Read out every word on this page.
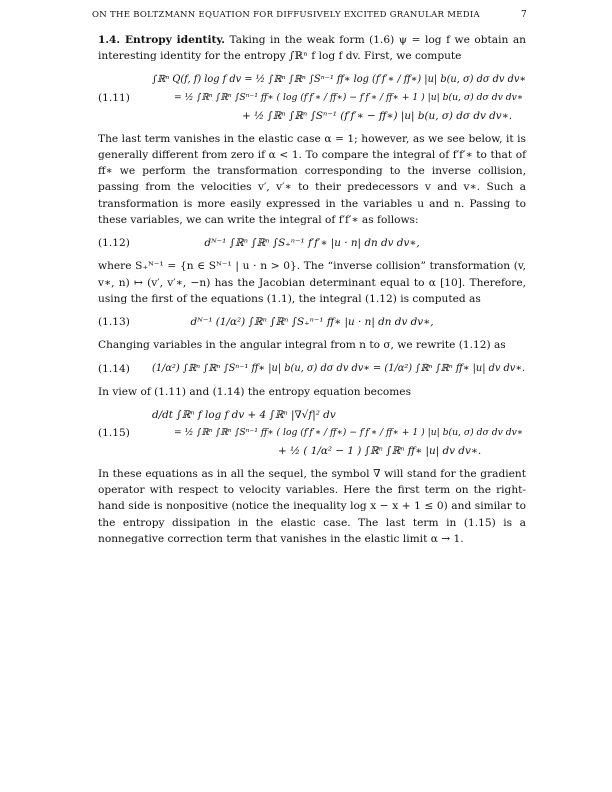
ON THE BOLTZMANN EQUATION FOR DIFFUSIVELY EXCITED GRANULAR MEDIA	7

1.4. Entropy identity. Taking in the weak form (1.6) ψ = log f we obtain an interesting identity for the entropy ∫ℝⁿ f log f dv. First, we compute

(1.11)
∫ℝⁿ Q(f, f) log f dv = ½ ∫ℝⁿ ∫ℝⁿ ∫Sⁿ⁻¹ ff∗ log (f′f′∗ / ff∗) |u| b(u, σ) dσ dv dv∗
= ½ ∫ℝⁿ ∫ℝⁿ ∫Sⁿ⁻¹ ff∗ ( log (f′f′∗ / ff∗) − f′f′∗ / ff∗ + 1 ) |u| b(u, σ) dσ dv dv∗
+ ½ ∫ℝⁿ ∫ℝⁿ ∫Sⁿ⁻¹ (f′f′∗ − ff∗) |u| b(u, σ) dσ dv dv∗.

The last term vanishes in the elastic case α = 1; however, as we see below, it is generally different from zero if α < 1. To compare the integral of f′f′∗ to that of ff∗ we perform the transformation corresponding to the inverse collision, passing from the velocities v′, v′∗ to their predecessors v and v∗. Such a transformation is more easily expressed in the variables u and n. Passing to these variables, we can write the integral of f′f′∗ as follows:

(1.12)	dᴺ⁻¹ ∫ℝⁿ ∫ℝⁿ ∫S₊ⁿ⁻¹ f′f′∗ |u · n| dn dv dv∗,

where S₊ᴺ⁻¹ = {n ∈ Sᴺ⁻¹ | u · n > 0}. The “inverse collision” transformation (v, v∗, n) ↦ (v′, v′∗, −n) has the Jacobian determinant equal to α [10]. Therefore, using the first of the equations (1.1), the integral (1.12) is computed as

(1.13)	dᴺ⁻¹ (1/α²) ∫ℝⁿ ∫ℝⁿ ∫S₊ⁿ⁻¹ ff∗ |u · n| dn dv dv∗,

Changing variables in the angular integral from n to σ, we rewrite (1.12) as

(1.14) (1/α²) ∫ℝⁿ ∫ℝⁿ ∫Sⁿ⁻¹ ff∗ |u| b(u, σ) dσ dv dv∗ = (1/α²) ∫ℝⁿ ∫ℝⁿ ff∗ |u| dv dv∗.

In view of (1.11) and (1.14) the entropy equation becomes

(1.15)
d/dt ∫ℝⁿ f log f dv + 4 ∫ℝⁿ |∇√f|² dv
= ½ ∫ℝⁿ ∫ℝⁿ ∫Sⁿ⁻¹ ff∗ ( log (f′f′∗ / ff∗) − f′f′∗ / ff∗ + 1 ) |u| b(u, σ) dσ dv dv∗
+ ½ ( 1/α² − 1 ) ∫ℝⁿ ∫ℝⁿ ff∗ |u| dv dv∗.

In these equations as in all the sequel, the symbol ∇ will stand for the gradient operator with respect to velocity variables. Here the first term on the right-hand side is nonpositive (notice the inequality log x − x + 1 ≤ 0) and similar to the entropy dissipation in the elastic case. The last term in (1.15) is a nonnegative correction term that vanishes in the elastic limit α → 1.
